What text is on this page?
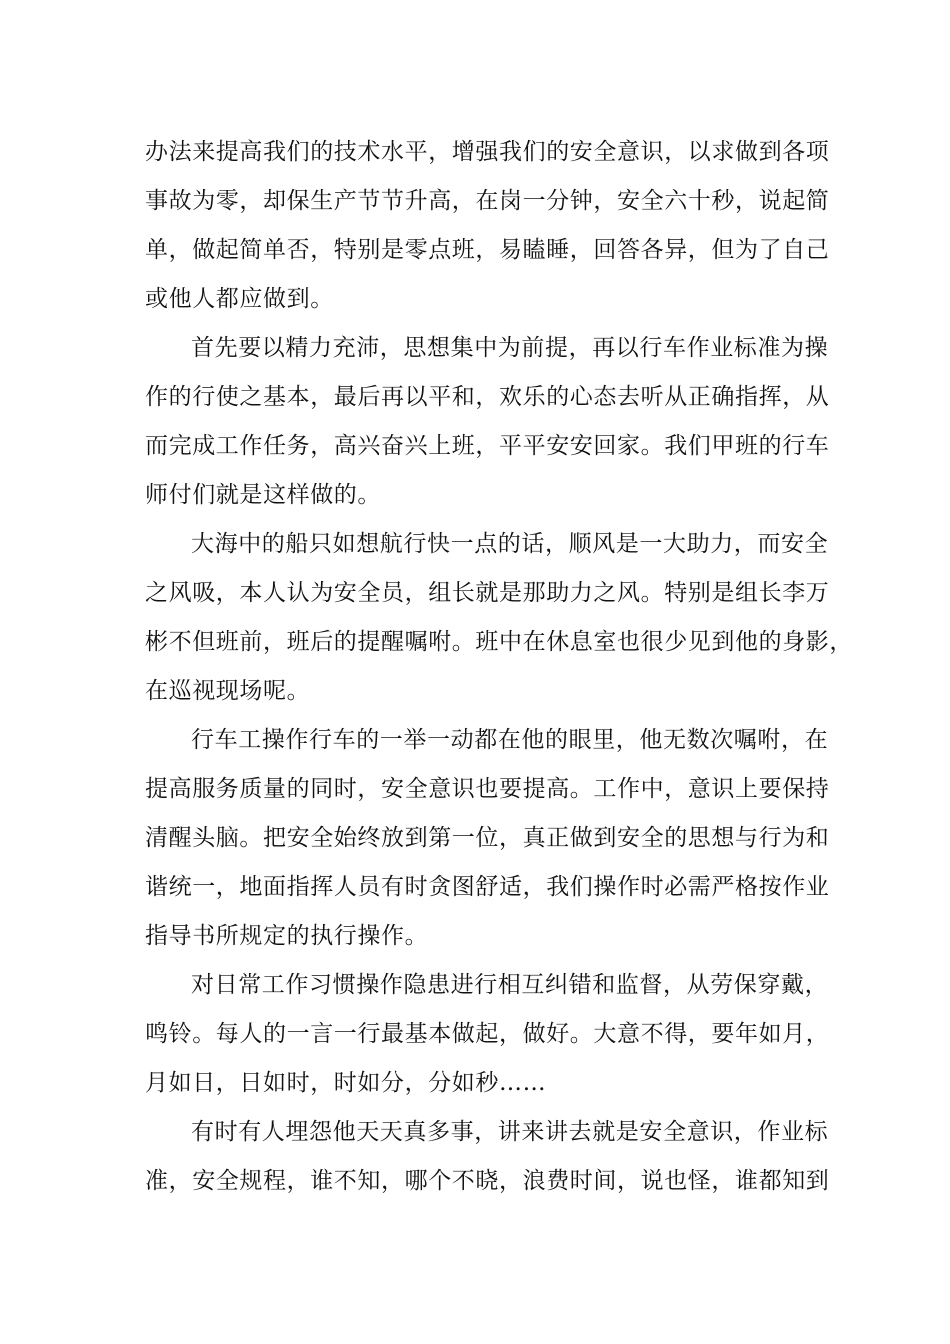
办法来提高我们的技术水平，增强我们的安全意识，以求做到各项
事故为零，却保生产节节升高，在岗一分钟，安全六十秒，说起简
单，做起简单否，特别是零点班，易瞌睡，回答各异，但为了自己
或他人都应做到。
首先要以精力充沛，思想集中为前提，再以行车作业标准为操
作的行使之基本，最后再以平和，欢乐的心态去听从正确指挥，从
而完成工作任务，高兴奋兴上班，平平安安回家。我们甲班的行车
师付们就是这样做的。
大海中的船只如想航行快一点的话，顺风是一大助力，而安全
之风吸，本人认为安全员，组长就是那助力之风。特别是组长李万
彬不但班前，班后的提醒嘱咐。班中在休息室也很少见到他的身影，
在巡视现场呢。
行车工操作行车的一举一动都在他的眼里，他无数次嘱咐，在
提高服务质量的同时，安全意识也要提高。工作中，意识上要保持
清醒头脑。把安全始终放到第一位，真正做到安全的思想与行为和
谐统一，地面指挥人员有时贪图舒适，我们操作时必需严格按作业
指导书所规定的执行操作。
对日常工作习惯操作隐患进行相互纠错和监督，从劳保穿戴，
鸣铃。每人的一言一行最基本做起，做好。大意不得，要年如月，
月如日，日如时，时如分，分如秒……
有时有人埋怨他天天真多事，讲来讲去就是安全意识，作业标
准，安全规程，谁不知，哪个不晓，浪费时间，说也怪，谁都知到
